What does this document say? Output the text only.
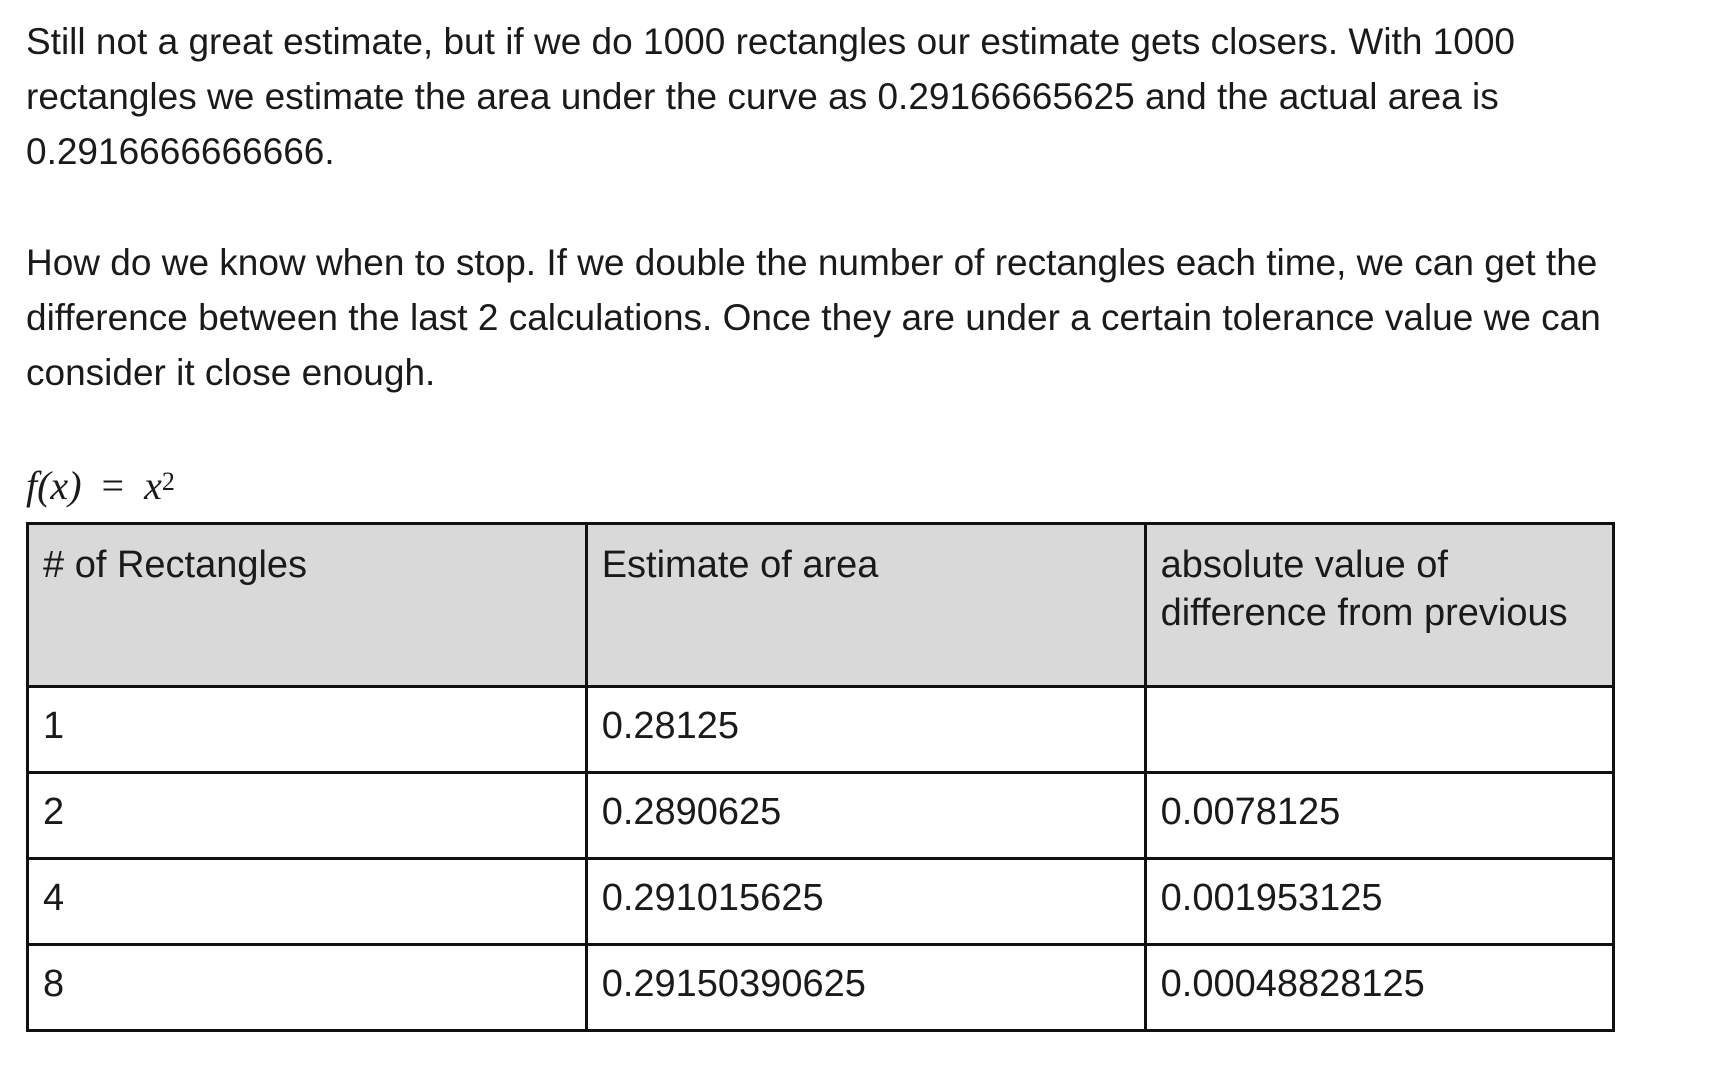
Still not a great estimate, but if we do 1000 rectangles our estimate gets closers. With 1000 rectangles we estimate the area under the curve as 0.29166665625 and the actual area is 0.2916666666666.

How do we know when to stop. If we double the number of rectangles each time, we can get the difference between the last 2 calculations. Once they are under a certain tolerance value we can consider it close enough.

$f(x) = x^2$
# of Rectangles	Estimate of area	absolute value of difference from previous
1	0.28125	
2	0.2890625	0.0078125
4	0.291015625	0.001953125
8	0.29150390625	0.00048828125
